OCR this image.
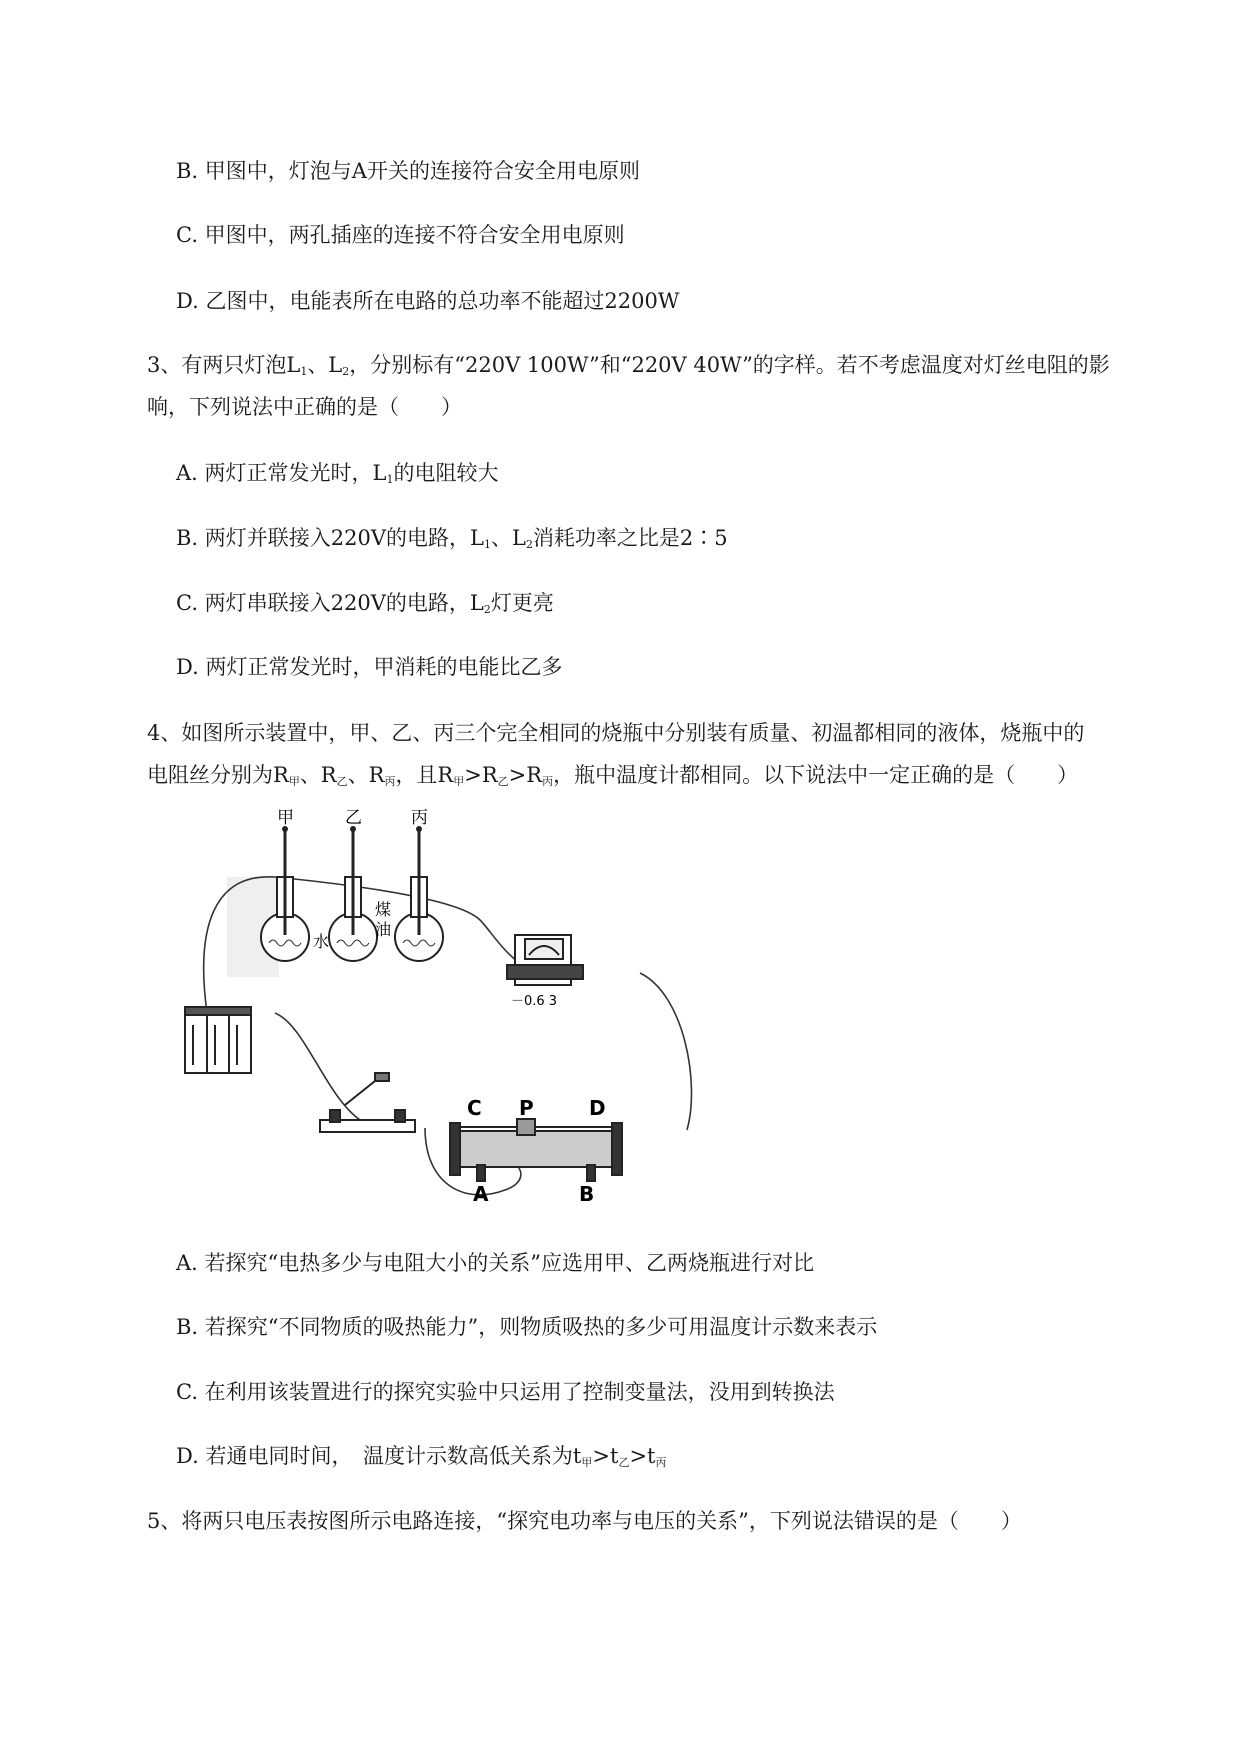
B. 甲图中，灯泡与A开关的连接符合安全用电原则
C. 甲图中，两孔插座的连接不符合安全用电原则
D. 乙图中，电能表所在电路的总功率不能超过2200W
3、有两只灯泡$L_1$、$L_2$，分别标有“220V 100W”和“220V 40W”的字样。若不考虑温度对灯丝电阻的影
响，下列说法中正确的是（　　）
A. 两灯正常发光时，$L_1$的电阻较大
B. 两灯并联接入220V的电路，$L_1$、$L_2$消耗功率之比是2∶5
C. 两灯串联接入220V的电路，$L_2$灯更亮
D. 两灯正常发光时，甲消耗的电能比乙多
4、如图所示装置中，甲、乙、丙三个完全相同的烧瓶中分别装有质量、初温都相同的液体，烧瓶中的
电阻丝分别为$R_甲$、$R_乙$、$R_丙$，且$R_甲>R_乙>R_丙$，瓶中温度计都相同。以下说法中一定正确的是（　　）
甲	乙	丙
水
煤
油
－0.6 3
C P	D
A	B
A. 若探究“电热多少与电阻大小的关系”应选用甲、乙两烧瓶进行对比
B. 若探究“不同物质的吸热能力”，则物质吸热的多少可用温度计示数来表示
C. 在利用该装置进行的探究实验中只运用了控制变量法，没用到转换法
D. 若通电同时间，　温度计示数高低关系为$t_甲>t_乙>t_丙$
5、将两只电压表按图所示电路连接，“探究电功率与电压的关系”，下列说法错误的是（　　）
